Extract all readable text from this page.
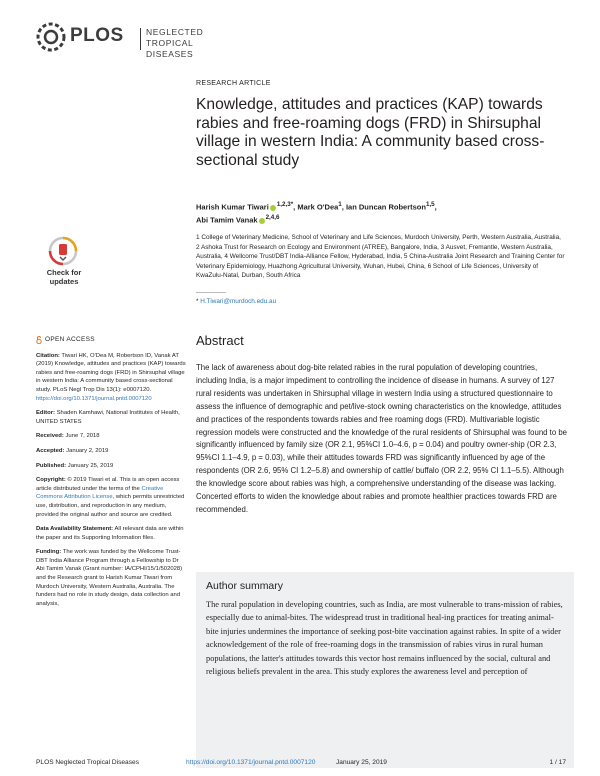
PLOS	NEGLECTED
TROPICAL DISEASES
RESEARCH ARTICLE
Knowledge, attitudes and practices (KAP) towards rabies and free-roaming dogs (FRD) in Shirsuphal village in western India: A community based cross-sectional study
Harish Kumar Tiwari $^{1,2,3*}$, Mark O'Dea$^1$, Ian Duncan Robertson$^{1,5}$,
Abi Tamim Vanak $^{2,4,6}$
1 College of Veterinary Medicine, School of Veterinary and Life Sciences, Murdoch University, Perth, Western Australia, Australia, 2 Ashoka Trust for Research on Ecology and Environment (ATREE), Bangalore, India, 3 Ausvet, Fremantle, Western Australia, Australia, 4 Wellcome Trust/DBT India-Alliance Fellow, Hyderabad, India, 5 China-Australia Joint Research and Training Center for Veterinary Epidemiology, Huazhong Agricultural University, Wuhan, Hubei, China, 6 School of Life Sciences, University of KwaZulu-Natal, Durban, South Africa
* H.Tiwari@murdoch.edu.au
Check for
updates
OPEN ACCESS

Citation: Tiwari HK, O'Dea M, Robertson ID, Vanak AT (2019) Knowledge, attitudes and practices (KAP) towards rabies and free-roaming dogs (FRD) in Shirsuphal village in western India: A community based cross-sectional study. PLoS Negl Trop Dis 13(1): e0007120. https://doi.org/10.1371/journal.pntd.0007120

Editor: Shaden Kamhawi, National Institutes of Health, UNITED STATES

Received: June 7, 2018

Accepted: January 2, 2019

Published: January 25, 2019

Copyright: © 2019 Tiwari et al. This is an open access article distributed under the terms of the Creative Commons Attribution License, which permits unrestricted use, distribution, and reproduction in any medium, provided the original author and source are credited.

Data Availability Statement: All relevant data are within the paper and its Supporting Information files.

Funding: The work was funded by the Wellcome Trust-DBT India Alliance Program through a Fellowship to Dr Abi Tamim Vanak (Grant number: IA/CPHI/15/1/502028) and the Research grant to Harish Kumar Tiwari from Murdoch University, Western Australia, Australia. The funders had no role in study design, data collection and analysis,

Abstract
The lack of awareness about dog-bite related rabies in the rural population of developing countries, including India, is a major impediment to controlling the incidence of disease in humans. A survey of 127 rural residents was undertaken in Shirsuphal village in western India using a structured questionnaire to assess the influence of demographic and pet/live-stock owning characteristics on the knowledge, attitudes and practices of the respondents towards rabies and free roaming dogs (FRD). Multivariable logistic regression models were constructed and the knowledge of the rural residents of Shirsuphal was found to be significantly influenced by family size (OR 2.1, 95%CI 1.0–4.6, p = 0.04) and poultry owner-ship (OR 2.3, 95%CI 1.1–4.9, p = 0.03), while their attitudes towards FRD was significantly influenced by age of the respondents (OR 2.6, 95% CI 1.2–5.8) and ownership of cattle/ buffalo (OR 2.2, 95% CI 1.1–5.5). Although the knowledge score about rabies was high, a comprehensive understanding of the disease was lacking. Concerted efforts to widen the knowledge about rabies and promote healthier practices towards FRD are recommended.
Author summary
The rural population in developing countries, such as India, are most vulnerable to trans-mission of rabies, especially due to animal-bites. The widespread trust in traditional heal-ing practices for treating animal-bite injuries undermines the importance of seeking post-bite vaccination against rabies. In spite of a wider acknowledgement of the role of free-roaming dogs in the transmission of rabies virus in rural human populations, the latter's attitudes towards this vector host remains influenced by the social, cultural and religious beliefs prevalent in the area. This study explores the awareness level and perception of
PLOS Neglected Tropical Diseases	https://doi.org/10.1371/journal.pntd.0007120	January 25, 2019	1 / 17
